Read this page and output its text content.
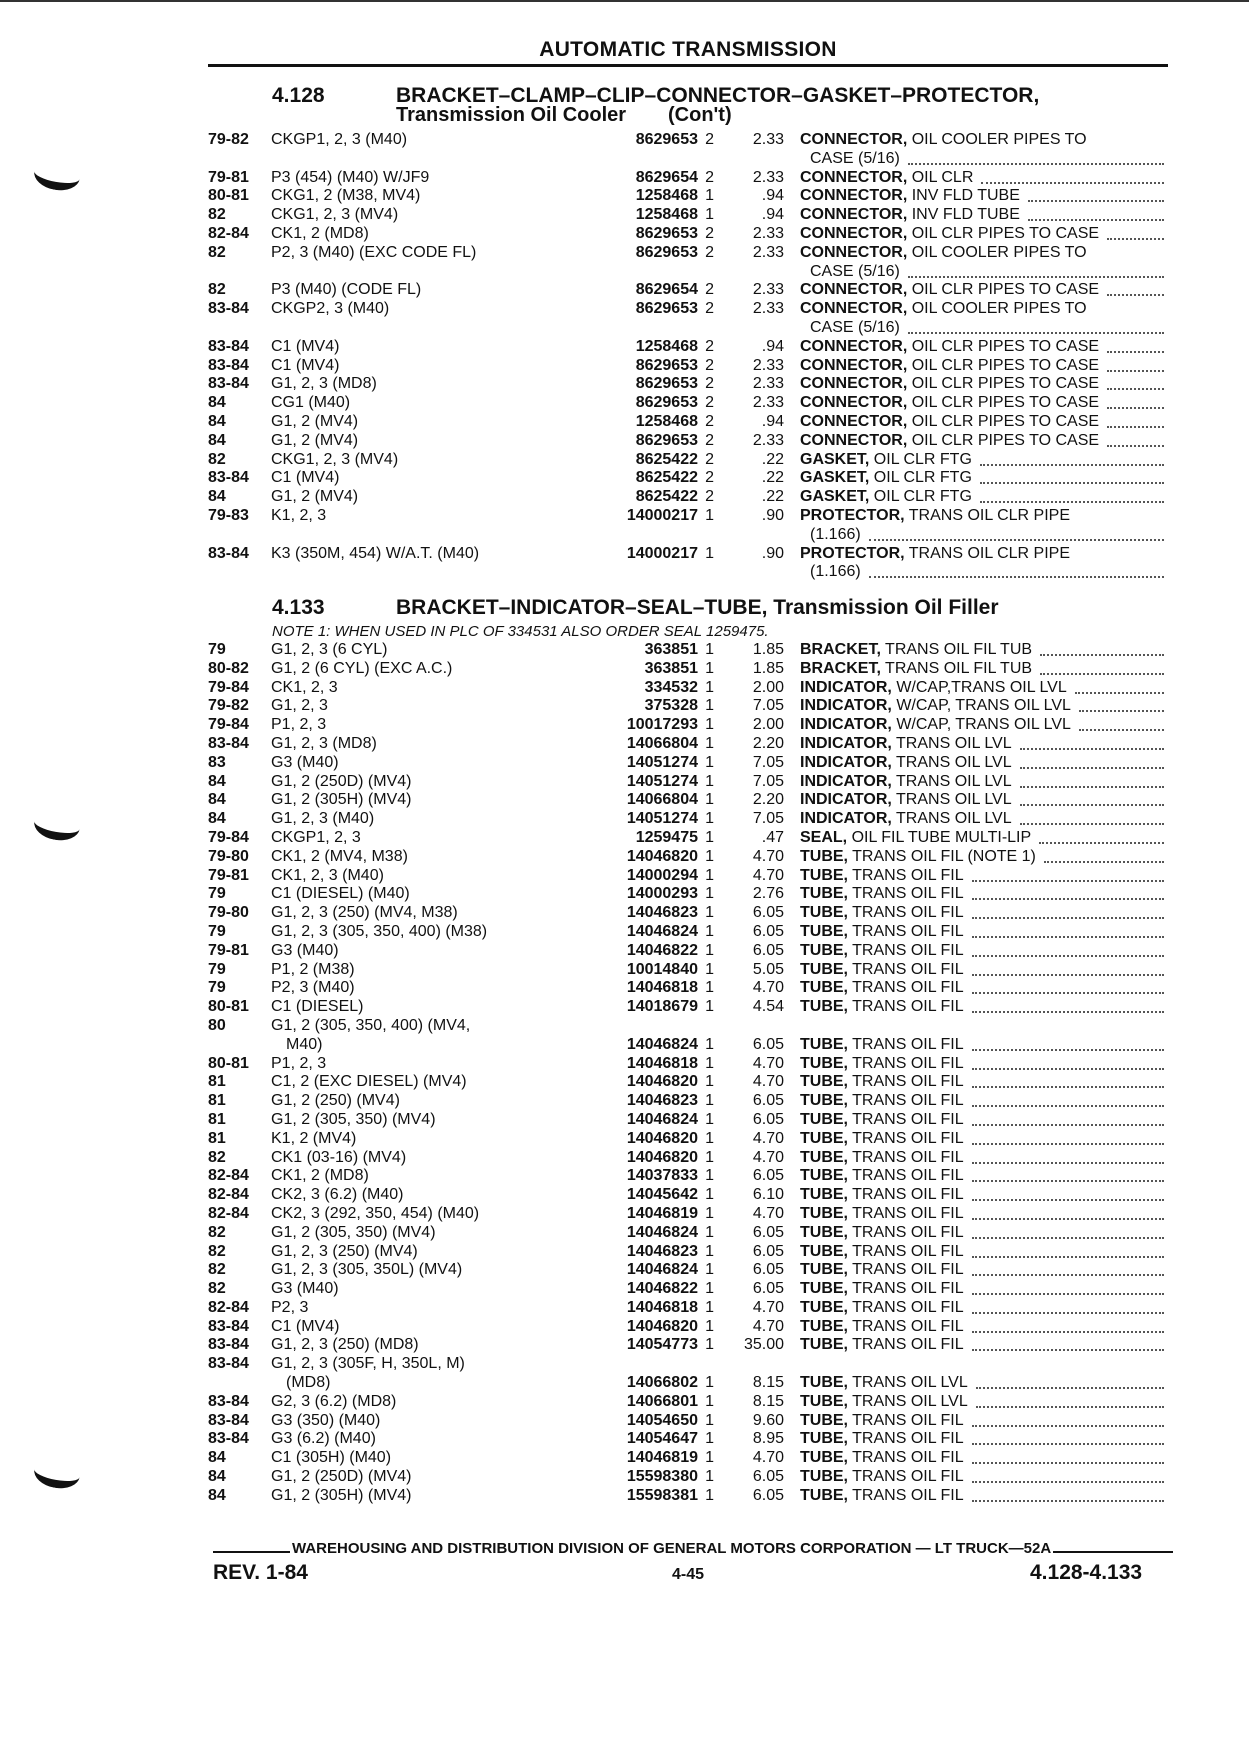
AUTOMATIC TRANSMISSION
4.128	BRACKET–CLAMP–CLIP–CONNECTOR–GASKET–PROTECTOR,
Transmission Oil Cooler (Con't)
79-82	CKGP1, 2, 3 (M40)	8629653 2	2.33 CONNECTOR, OIL COOLER PIPES TO
CASE (5/16)
79-81	P3 (454) (M40) W/JF9	8629654 2	2.33 CONNECTOR, OIL CLR
80-81	CKG1, 2 (M38, MV4)	1258468 1	.94 CONNECTOR, INV FLD TUBE
82	CKG1, 2, 3 (MV4)	1258468 1	.94 CONNECTOR, INV FLD TUBE
82-84	CK1, 2 (MD8)	8629653 2	2.33 CONNECTOR, OIL CLR PIPES TO CASE
82	P2, 3 (M40) (EXC CODE FL)	8629653 2	2.33 CONNECTOR, OIL COOLER PIPES TO
CASE (5/16)
82	P3 (M40) (CODE FL)	8629654 2	2.33 CONNECTOR, OIL CLR PIPES TO CASE
83-84	CKGP2, 3 (M40)	8629653 2	2.33 CONNECTOR, OIL COOLER PIPES TO
CASE (5/16)
83-84	C1 (MV4)	1258468 2	.94 CONNECTOR, OIL CLR PIPES TO CASE
83-84	C1 (MV4)	8629653 2	2.33 CONNECTOR, OIL CLR PIPES TO CASE
83-84	G1, 2, 3 (MD8)	8629653 2	2.33 CONNECTOR, OIL CLR PIPES TO CASE
84	CG1 (M40)	8629653 2	2.33 CONNECTOR, OIL CLR PIPES TO CASE
84	G1, 2 (MV4)	1258468 2	.94 CONNECTOR, OIL CLR PIPES TO CASE
84	G1, 2 (MV4)	8629653 2	2.33 CONNECTOR, OIL CLR PIPES TO CASE
82	CKG1, 2, 3 (MV4)	8625422 2	.22 GASKET, OIL CLR FTG
83-84	C1 (MV4)	8625422 2	.22 GASKET, OIL CLR FTG
84	G1, 2 (MV4)	8625422 2	.22 GASKET, OIL CLR FTG
79-83	K1, 2, 3	14000217 1	.90 PROTECTOR, TRANS OIL CLR PIPE
(1.166)
83-84	K3 (350M, 454) W/A.T. (M40)	14000217 1	.90 PROTECTOR, TRANS OIL CLR PIPE
(1.166)
4.133	BRACKET–INDICATOR–SEAL–TUBE, Transmission Oil Filler
NOTE 1: WHEN USED IN PLC OF 334531 ALSO ORDER SEAL 1259475.
79	G1, 2, 3 (6 CYL)	363851 1	1.85 BRACKET, TRANS OIL FIL TUB
80-82	G1, 2 (6 CYL) (EXC A.C.)	363851 1	1.85 BRACKET, TRANS OIL FIL TUB
79-84	CK1, 2, 3	334532 1	2.00 INDICATOR, W/CAP,TRANS OIL LVL
79-82	G1, 2, 3	375328 1	7.05 INDICATOR, W/CAP, TRANS OIL LVL
79-84	P1, 2, 3	10017293 1	2.00 INDICATOR, W/CAP, TRANS OIL LVL
83-84	G1, 2, 3 (MD8)	14066804 1	2.20 INDICATOR, TRANS OIL LVL
83	G3 (M40)	14051274 1	7.05 INDICATOR, TRANS OIL LVL
84	G1, 2 (250D) (MV4)	14051274 1	7.05 INDICATOR, TRANS OIL LVL
84	G1, 2 (305H) (MV4)	14066804 1	2.20 INDICATOR, TRANS OIL LVL
84	G1, 2, 3 (M40)	14051274 1	7.05 INDICATOR, TRANS OIL LVL
79-84	CKGP1, 2, 3	1259475 1	.47 SEAL, OIL FIL TUBE MULTI-LIP
79-80	CK1, 2 (MV4, M38)	14046820 1	4.70 TUBE, TRANS OIL FIL (NOTE 1)
79-81	CK1, 2, 3 (M40)	14000294 1	4.70 TUBE, TRANS OIL FIL
79	C1 (DIESEL) (M40)	14000293 1	2.76 TUBE, TRANS OIL FIL
79-80	G1, 2, 3 (250) (MV4, M38)	14046823 1	6.05 TUBE, TRANS OIL FIL
79	G1, 2, 3 (305, 350, 400) (M38)	14046824 1	6.05 TUBE, TRANS OIL FIL
79-81	G3 (M40)	14046822 1	6.05 TUBE, TRANS OIL FIL
79	P1, 2 (M38)	10014840 1	5.05 TUBE, TRANS OIL FIL
79	P2, 3 (M40)	14046818 1	4.70 TUBE, TRANS OIL FIL
80-81	C1 (DIESEL)	14018679 1	4.54 TUBE, TRANS OIL FIL
80	G1, 2 (305, 350, 400) (MV4,
M40)	14046824 1	6.05 TUBE, TRANS OIL FIL
80-81	P1, 2, 3	14046818 1	4.70 TUBE, TRANS OIL FIL
81	C1, 2 (EXC DIESEL) (MV4)	14046820 1	4.70 TUBE, TRANS OIL FIL
81	G1, 2 (250) (MV4)	14046823 1	6.05 TUBE, TRANS OIL FIL
81	G1, 2 (305, 350) (MV4)	14046824 1	6.05 TUBE, TRANS OIL FIL
81	K1, 2 (MV4)	14046820 1	4.70 TUBE, TRANS OIL FIL
82	CK1 (03-16) (MV4)	14046820 1	4.70 TUBE, TRANS OIL FIL
82-84	CK1, 2 (MD8)	14037833 1	6.05 TUBE, TRANS OIL FIL
82-84	CK2, 3 (6.2) (M40)	14045642 1	6.10 TUBE, TRANS OIL FIL
82-84	CK2, 3 (292, 350, 454) (M40)	14046819 1	4.70 TUBE, TRANS OIL FIL
82	G1, 2 (305, 350) (MV4)	14046824 1	6.05 TUBE, TRANS OIL FIL
82	G1, 2, 3 (250) (MV4)	14046823 1	6.05 TUBE, TRANS OIL FIL
82	G1, 2, 3 (305, 350L) (MV4)	14046824 1	6.05 TUBE, TRANS OIL FIL
82	G3 (M40)	14046822 1	6.05 TUBE, TRANS OIL FIL
82-84	P2, 3	14046818 1	4.70 TUBE, TRANS OIL FIL
83-84	C1 (MV4)	14046820 1	4.70 TUBE, TRANS OIL FIL
83-84	G1, 2, 3 (250) (MD8)	14054773 1	35.00 TUBE, TRANS OIL FIL
83-84	G1, 2, 3 (305F, H, 350L, M)
(MD8)	14066802 1	8.15 TUBE, TRANS OIL LVL
83-84	G2, 3 (6.2) (MD8)	14066801 1	8.15 TUBE, TRANS OIL LVL
83-84	G3 (350) (M40)	14054650 1	9.60 TUBE, TRANS OIL FIL
83-84	G3 (6.2) (M40)	14054647 1	8.95 TUBE, TRANS OIL FIL
84	C1 (305H) (M40)	14046819 1	4.70 TUBE, TRANS OIL FIL
84	G1, 2 (250D) (MV4)	15598380 1	6.05 TUBE, TRANS OIL FIL
84	G1, 2 (305H) (MV4)	15598381 1	6.05 TUBE, TRANS OIL FIL
WAREHOUSING AND DISTRIBUTION DIVISION OF GENERAL MOTORS CORPORATION — LT TRUCK—52A
REV. 1-84	4-45	4.128-4.133
